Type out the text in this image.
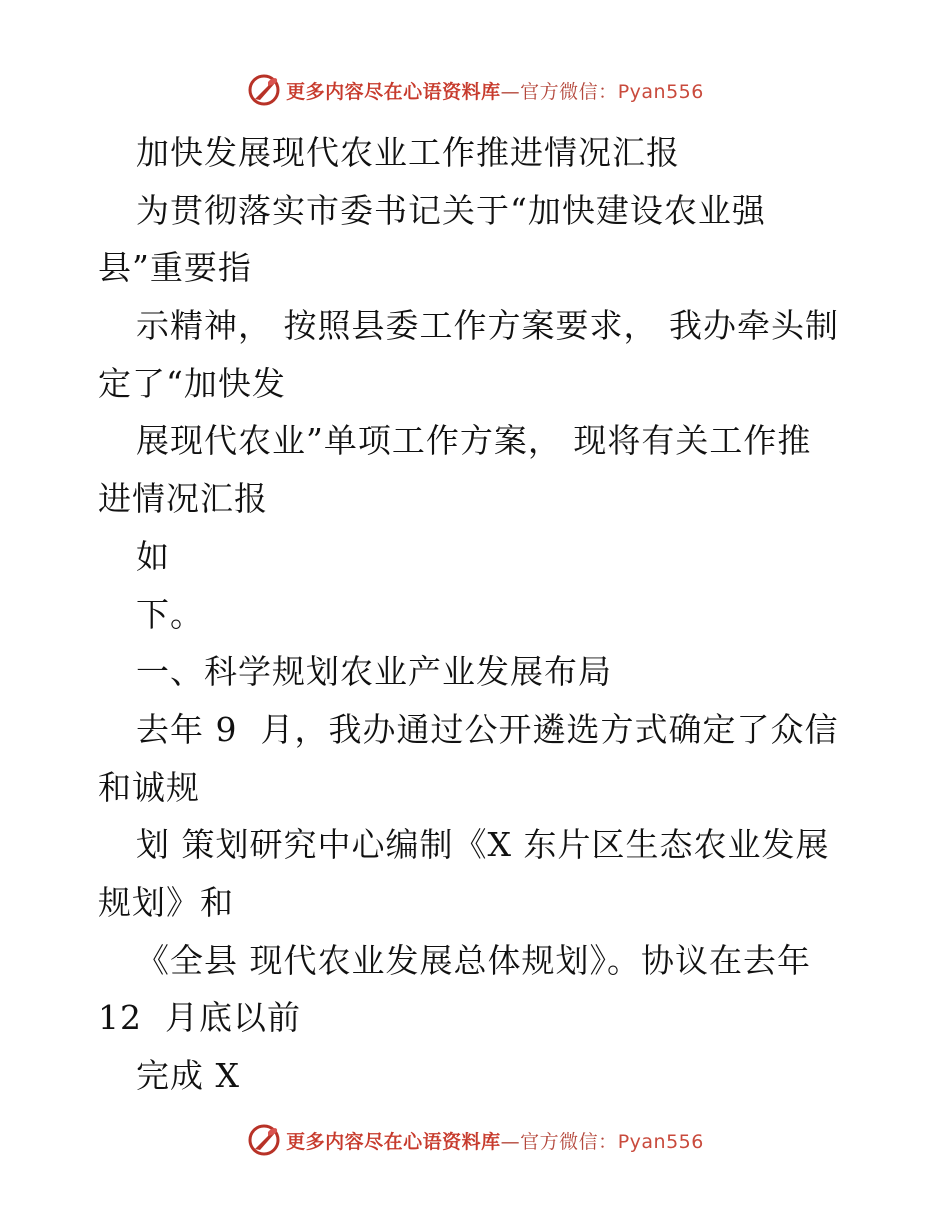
更多内容尽在心语资料库—官方微信：Pyan556
加快发展现代农业工作推进情况汇报
为贯彻落实市委书记关于“加快建设农业强
县”重要指
示精神， 按照县委工作方案要求， 我办牵头制
定了“加快发
展现代农业”单项工作方案， 现将有关工作推
进情况汇报
如
下。
一、科学规划农业产业发展布局
去年 9  月，我办通过公开遴选方式确定了众信
和诚规
划 策划研究中心编制《X 东片区生态农业发展
规划》和
《全县 现代农业发展总体规划》。协议在去年
12  月底以前
完成 X
更多内容尽在心语资料库—官方微信：Pyan556
